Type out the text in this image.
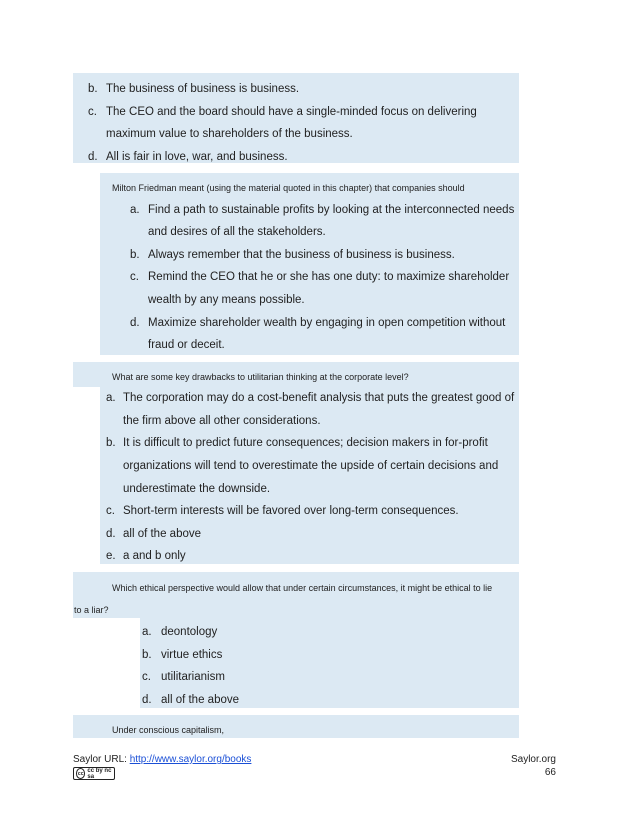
b. The business of business is business.
c. The CEO and the board should have a single-minded focus on delivering
maximum value to shareholders of the business.
d. All is fair in love, war, and business.
Milton Friedman meant (using the material quoted in this chapter) that companies should
a. Find a path to sustainable profits by looking at the interconnected needs
and desires of all the stakeholders.
b. Always remember that the business of business is business.
c. Remind the CEO that he or she has one duty: to maximize shareholder
wealth by any means possible.
d. Maximize shareholder wealth by engaging in open competition without
fraud or deceit.
What are some key drawbacks to utilitarian thinking at the corporate level?
a. The corporation may do a cost-benefit analysis that puts the greatest good of
the firm above all other considerations.
b. It is difficult to predict future consequences; decision makers in for-profit
organizations will tend to overestimate the upside of certain decisions and
underestimate the downside.
c. Short-term interests will be favored over long-term consequences.
d. all of the above
e. a and b only
Which ethical perspective would allow that under certain circumstances, it might be ethical to lie
to a liar?
a. deontology
b. virtue ethics
c. utilitarianism
d. all of the above
Under conscious capitalism,
Saylor URL: http://www.saylor.org/books	Saylor.org
66
cc cc by nc sa
